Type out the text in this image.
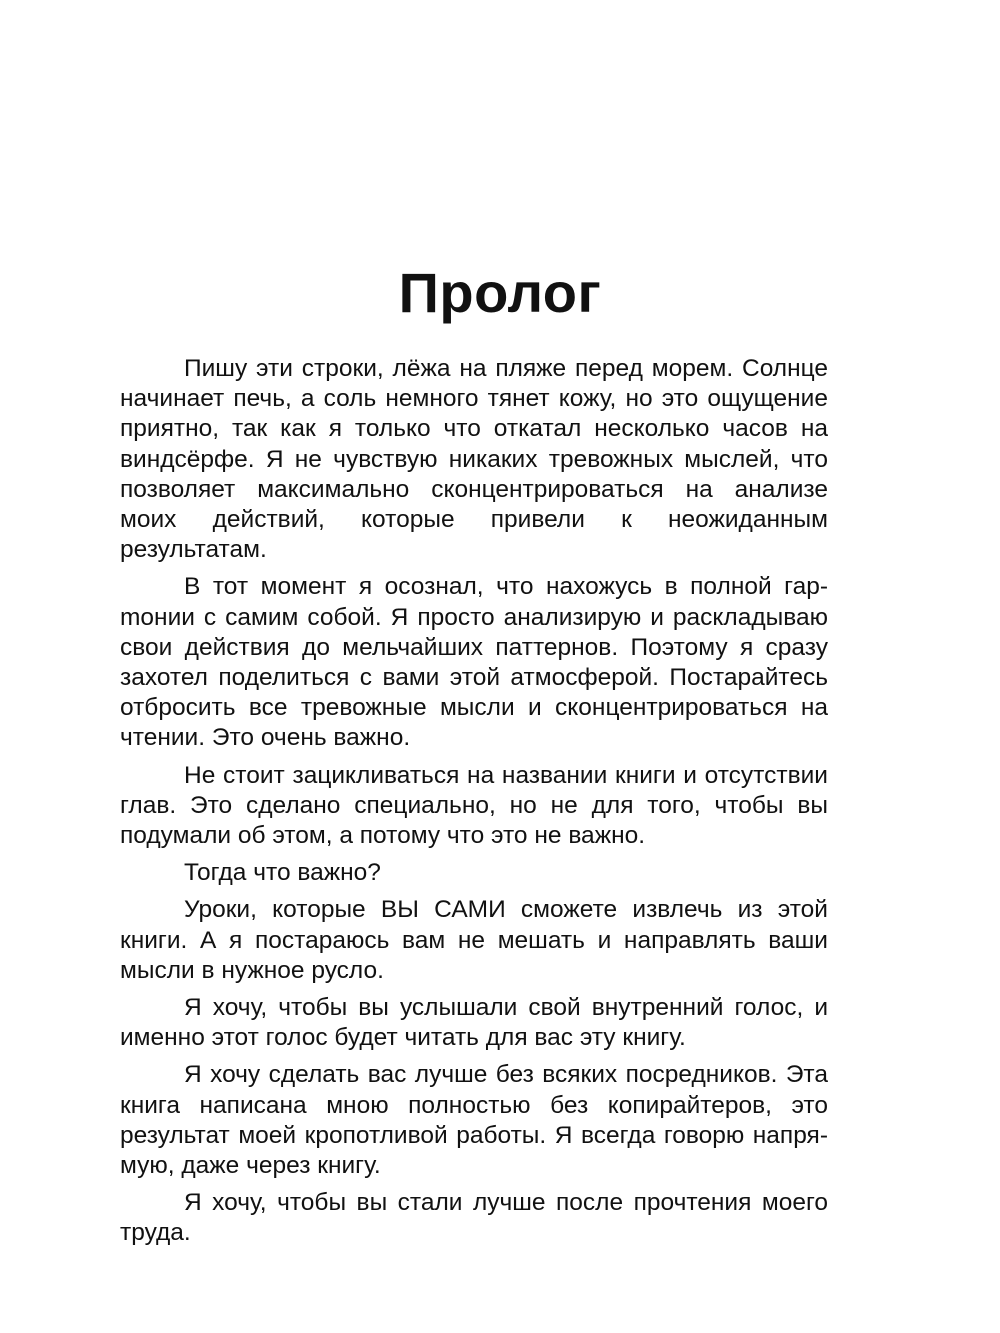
Пролог

Пишу эти строки, лёжа на пляже перед морем. Солнце начинает печь, а соль немного тянет кожу, но это ощущение приятно, так как я только что откатал несколько часов на виндсёрфе. Я не чувствую никаких тревожных мыслей, что позволяет максимально сконцентрироваться на анализе моих действий, которые привели к неожиданным результатам.

В тот момент я осознал, что нахожусь в полной гарmонии с самим собой. Я просто анализирую и раскладываю свои действия до мельчайших паттернов. Поэтому я сразу захотел поделиться с вами этой атмосферой. Постарайтесь отбросить все тревожные мысли и сконцентрироваться на чтении. Это очень важно.

Не стоит зацикливаться на названии книги и отсутствии глав. Это сделано специально, но не для того, чтобы вы подумали об этом, а потому что это не важно.

Тогда что важно?

Уроки, которые ВЫ САМИ сможете извлечь из этой книги. А я постараюсь вам не мешать и направлять ваши мысли в нужное русло.

Я хочу, чтобы вы услышали свой внутренний голос, и именно этот голос будет читать для вас эту книгу.

Я хочу сделать вас лучше без всяких посредников. Эта книга написана мною полностью без копирайтеров, это результат моей кропотливой работы. Я всегда говорю напрямую, даже через книгу.

Я хочу, чтобы вы стали лучше после прочтения моего труда.
